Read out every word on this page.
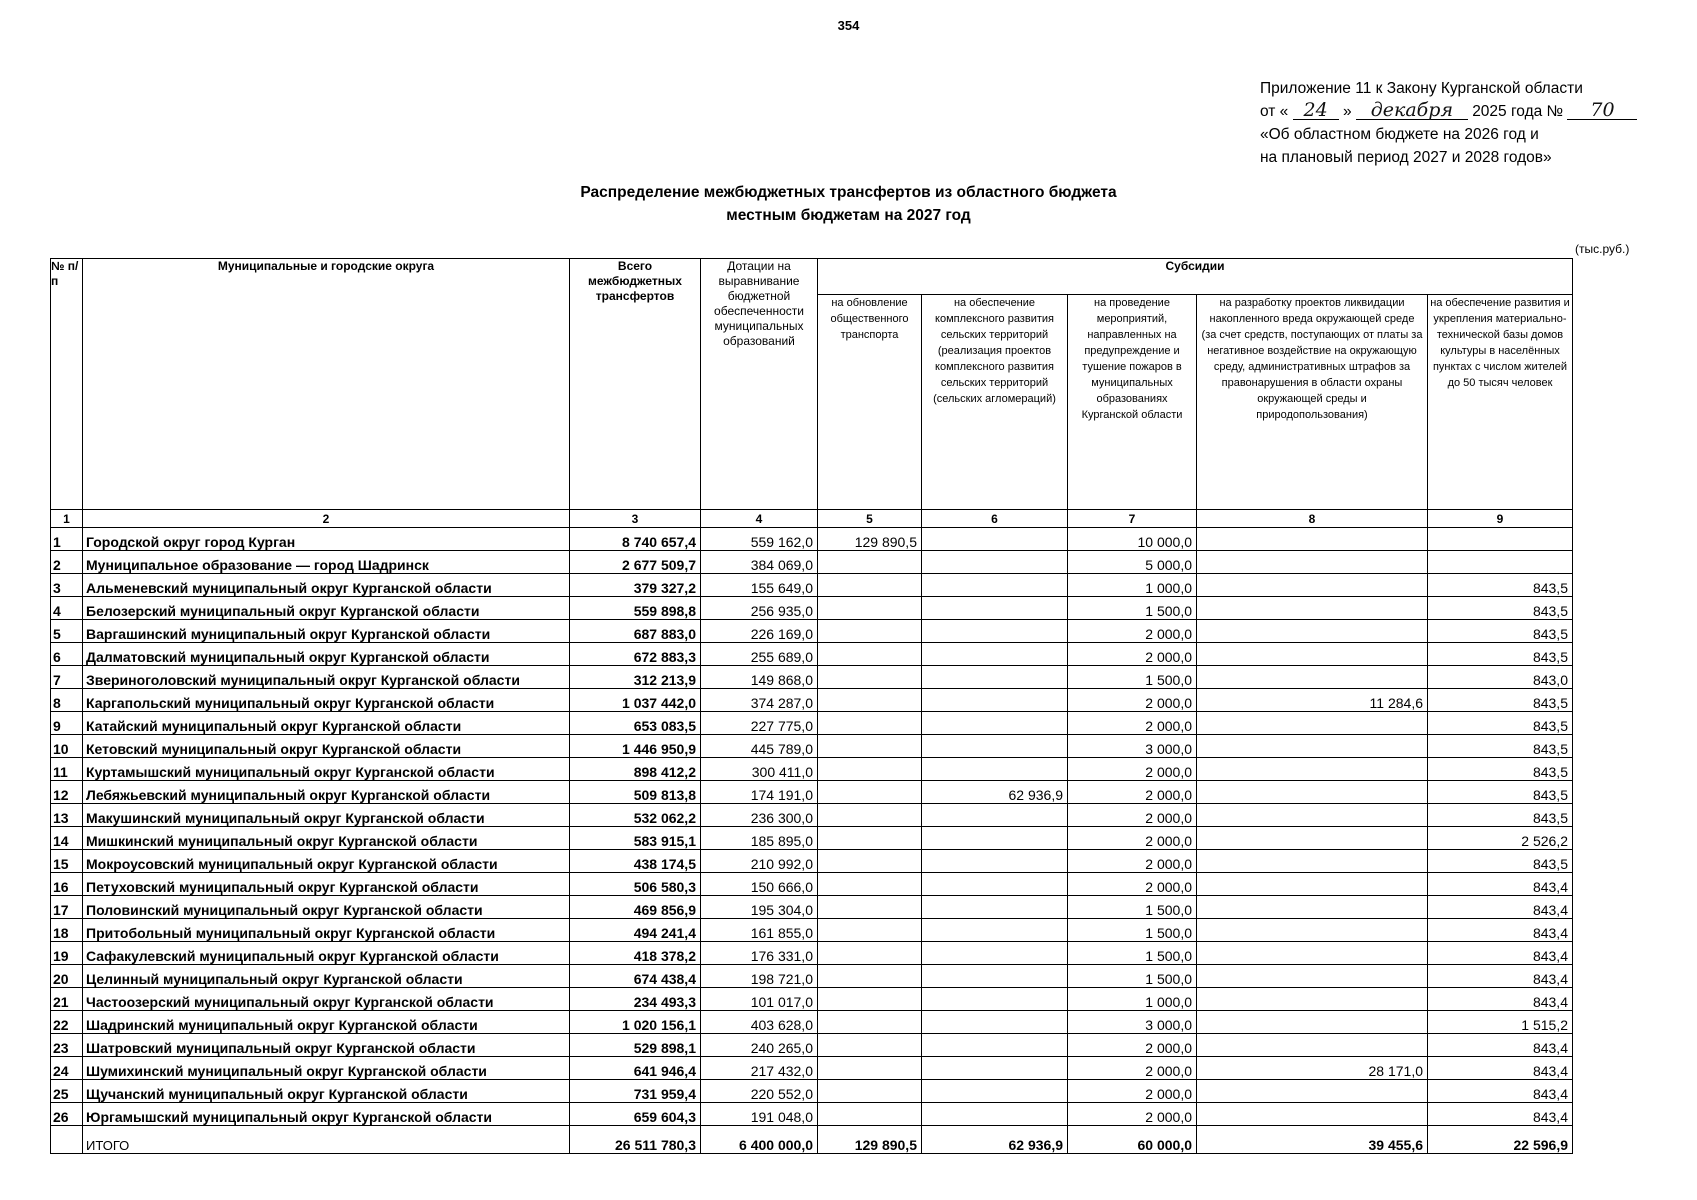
354
Приложение 11 к Закону Курганской области
от « 24 » декабря 2025 года № 70
«Об областном бюджете на 2026 год и
на плановый период 2027 и 2028 годов»
Распределение межбюджетных трансфертов из областного бюджета
местным бюджетам на 2027 год
(тыс.руб.)
№ п/п	Муниципальные и городские округа	Всего межбюджетных трансфертов	Дотации на выравнивание бюджетной обеспеченности муниципальных образований	Субсидии				
				на обновление общественного транспорта	на обеспечение комплексного развития сельских территорий (реализация проектов комплексного развития сельских территорий (сельских агломераций)	на проведение мероприятий, направленных на предупреждение и тушение пожаров в муниципальных образованиях Курганской области	на разработку проектов ликвидации накопленного вреда окружающей среде (за счет средств, поступающих от платы за негативное воздействие на окружающую среду, административных штрафов за правонарушения в области охраны окружающей среды и природопользования)	на обеспечение развития и укрепления материально-технической базы домов культуры в населённых пунктах с числом жителей до 50 тысяч человек
1	2	3	4	5	6	7	8	9
1	Городской округ город Курган	8 740 657,4	559 162,0	129 890,5		10 000,0		
2	Муниципальное образование — город Шадринск	2 677 509,7	384 069,0			5 000,0		
3	Альменевский муниципальный округ Курганской области	379 327,2	155 649,0			1 000,0		843,5
4	Белозерский муниципальный округ Курганской области	559 898,8	256 935,0			1 500,0		843,5
5	Варгашинский муниципальный округ Курганской области	687 883,0	226 169,0			2 000,0		843,5
6	Далматовский муниципальный округ Курганской области	672 883,3	255 689,0			2 000,0		843,5
7	Звериноголовский муниципальный округ Курганской области	312 213,9	149 868,0			1 500,0		843,0
8	Каргапольский муниципальный округ Курганской области	1 037 442,0	374 287,0			2 000,0	11 284,6	843,5
9	Катайский муниципальный округ Курганской области	653 083,5	227 775,0			2 000,0		843,5
10	Кетовский муниципальный округ Курганской области	1 446 950,9	445 789,0			3 000,0		843,5
11	Куртамышский муниципальный округ Курганской области	898 412,2	300 411,0			2 000,0		843,5
12	Лебяжьевский муниципальный округ Курганской области	509 813,8	174 191,0		62 936,9	2 000,0		843,5
13	Макушинский муниципальный округ Курганской области	532 062,2	236 300,0			2 000,0		843,5
14	Мишкинский муниципальный округ Курганской области	583 915,1	185 895,0			2 000,0		2 526,2
15	Мокроусовский муниципальный округ Курганской области	438 174,5	210 992,0			2 000,0		843,5
16	Петуховский муниципальный округ Курганской области	506 580,3	150 666,0			2 000,0		843,4
17	Половинский муниципальный округ Курганской области	469 856,9	195 304,0			1 500,0		843,4
18	Притобольный муниципальный округ Курганской области	494 241,4	161 855,0			1 500,0		843,4
19	Сафакулевский муниципальный округ Курганской области	418 378,2	176 331,0			1 500,0		843,4
20	Целинный муниципальный округ Курганской области	674 438,4	198 721,0			1 500,0		843,4
21	Частоозерский муниципальный округ Курганской области	234 493,3	101 017,0			1 000,0		843,4
22	Шадринский муниципальный округ Курганской области	1 020 156,1	403 628,0			3 000,0		1 515,2
23	Шатровский муниципальный округ Курганской области	529 898,1	240 265,0			2 000,0		843,4
24	Шумихинский муниципальный округ Курганской области	641 946,4	217 432,0			2 000,0	28 171,0	843,4
25	Щучанский муниципальный округ Курганской области	731 959,4	220 552,0			2 000,0		843,4
26	Юргамышский муниципальный округ Курганской области	659 604,3	191 048,0			2 000,0		843,4
	ИТОГО	26 511 780,3	6 400 000,0	129 890,5	62 936,9	60 000,0	39 455,6	22 596,9
